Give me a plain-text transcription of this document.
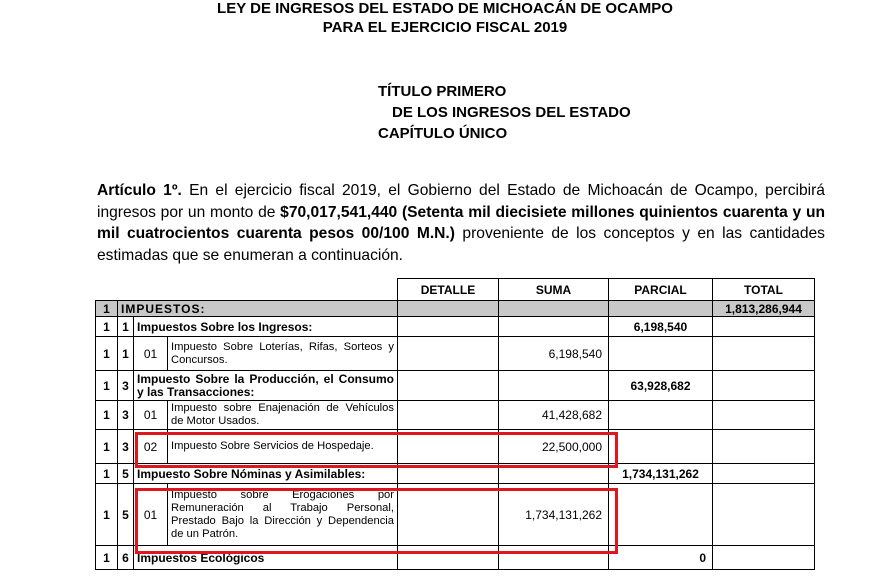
LEY DE INGRESOS DEL ESTADO DE MICHOACÁN DE OCAMPO
PARA EL EJERCICIO FISCAL 2019
TÍTULO PRIMERO
DE LOS INGRESOS DEL ESTADO
CAPÍTULO ÚNICO
Artículo 1º. En el ejercicio fiscal 2019, el Gobierno del Estado de Michoacán de Ocampo, percibirá ingresos por un monto de $70,017,541,440 (Setenta mil diecisiete millones quinientos cuarenta y un mil cuatrocientos cuarenta pesos 00/100 M.N.) proveniente de los conceptos y en las cantidades estimadas que se enumeran a continuación.
				DETALLE	SUMA	PARCIAL	TOTAL
1	IMPUESTOS:						1,813,286,944
1	1	Impuestos Sobre los Ingresos:				6,198,540	
1	1	01	Impuesto Sobre Loterías, Rifas, Sorteos y Concursos.		6,198,540		
1	3	Impuesto Sobre la Producción, el Consumo y las Transacciones:				63,928,682	
1	3	01	Impuesto sobre Enajenación de Vehículos de Motor Usados.		41,428,682		
1	3	02	Impuesto Sobre Servicios de Hospedaje.		22,500,000		
1	5	Impuesto Sobre Nóminas y Asimilables:				1,734,131,262	
1	5	01	Impuesto sobre Erogaciones por Remuneración al Trabajo Personal, Prestado Bajo la Dirección y Dependencia de un Patrón.		1,734,131,262		
1	6	Impuestos Ecológicos				0	
